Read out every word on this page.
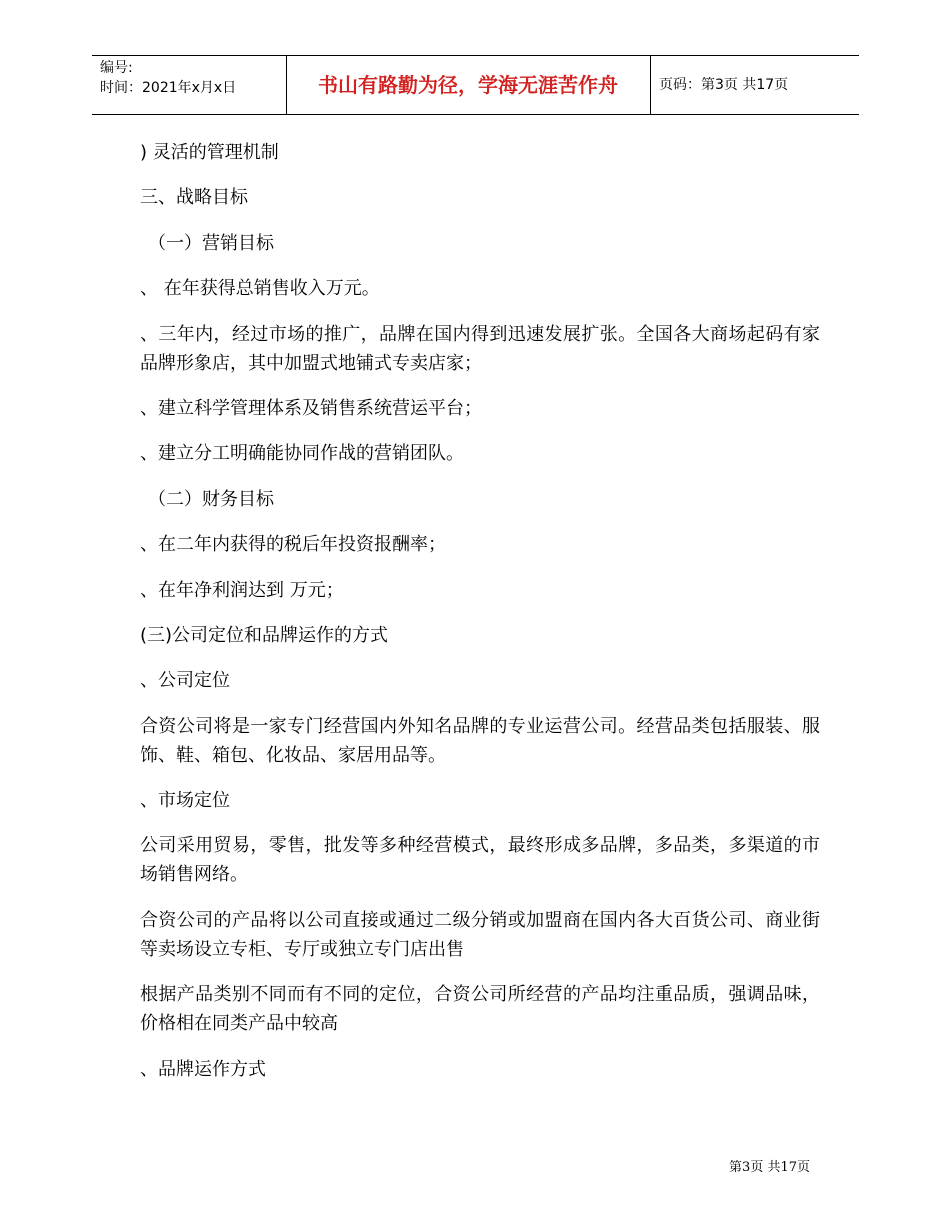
编号:
时间：2021年x月x日	书山有路勤为径，学海无涯苦作舟	页码：第3页 共17页

) 灵活的管理机制

三、战略目标

（一）营销目标

、 在年获得总销售收入万元。

、三年内，经过市场的推广，品牌在国内得到迅速发展扩张。全国各大商场起码有家品牌形象店，其中加盟式地铺式专卖店家；

、建立科学管理体系及销售系统营运平台；

、建立分工明确能协同作战的营销团队。

（二）财务目标

、在二年内获得的税后年投资报酬率；

、在年净利润达到 万元；

(三)公司定位和品牌运作的方式

、公司定位

合资公司将是一家专门经营国内外知名品牌的专业运营公司。经营品类包括服装、服饰、鞋、箱包、化妆品、家居用品等。

、市场定位

公司采用贸易，零售，批发等多种经营模式，最终形成多品牌，多品类，多渠道的市场销售网络。

合资公司的产品将以公司直接或通过二级分销或加盟商在国内各大百货公司、商业街等卖场设立专柜、专厅或独立专门店出售

根据产品类别不同而有不同的定位，合资公司所经营的产品均注重品质，强调品味，价格相在同类产品中较高

、品牌运作方式

第3页 共17页
